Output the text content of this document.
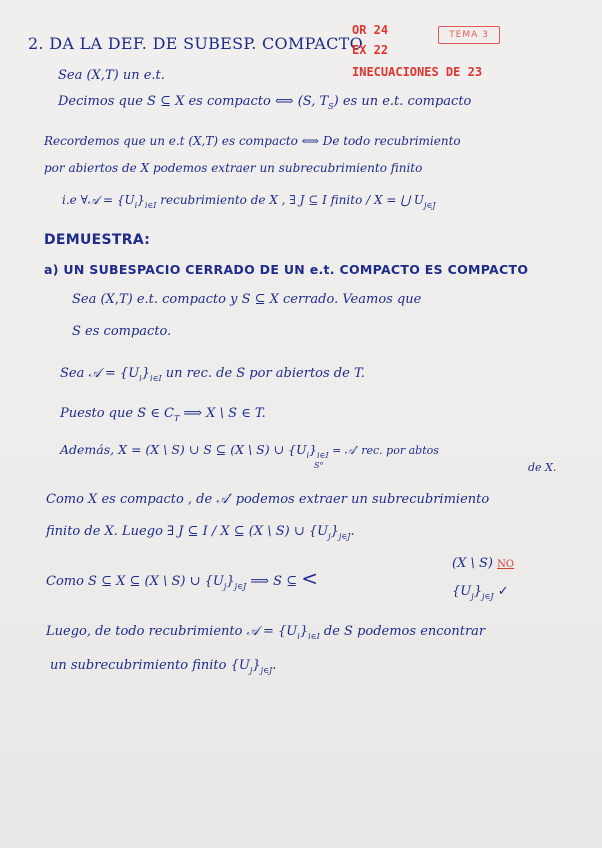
2. DA LA DEF. DE SUBESP. COMPACTO
OR 24
EX 22
INECUACIONES DE 23
TEMA 3
Sea (X,T) un e.t.
Decimos que S ⊆ X es compacto ⟺ (S, $T_S$) es un e.t. compacto
Recordemos que un e.t (X,T) es compacto ⟺ De todo recubrimiento
por abiertos de X podemos extraer un subrecubrimiento finito
i.e ∀𝒜 = $\{U_i\}_{i\in I}$ recubrimiento de X , ∃ J ⊆ I finito / X = ⋃ $U_{j\in J}$
DEMUESTRA:
a) UN SUBESPACIO CERRADO DE UN e.t. COMPACTO ES COMPACTO
Sea (X,T) e.t. compacto y S ⊆ X cerrado. Veamos que
S es compacto.
Sea 𝒜 = $\{U_i\}_{i\in I}$ un rec. de S por abiertos de T.
Puesto que S ∈ $C_T$ ⟹ X \ S ∈ T.
Además, X = (X \ S) ∪ S ⊆ (X \ S) ∪ $\{U_i\}_{i\in I}$ = 𝒜′ rec. por abtos
S°	de X.
Como X es compacto , de 𝒜′ podemos extraer un subrecubrimiento
finito de X. Luego ∃ J ⊆ I / X ⊆ (X \ S) ∪ $\{U_j\}_{j\in J}$.
Como S ⊆ X ⊆ (X \ S) ∪ $\{U_j\}_{j\in J}$ ⟹ S ⊆ <
(X \ S) NO
$\{U_j\}_{j\in J}$ ✓
Luego, de todo recubrimiento 𝒜 = $\{U_i\}_{i\in I}$ de S podemos encontrar
un subrecubrimiento finito $\{U_j\}_{j\in J}$.
